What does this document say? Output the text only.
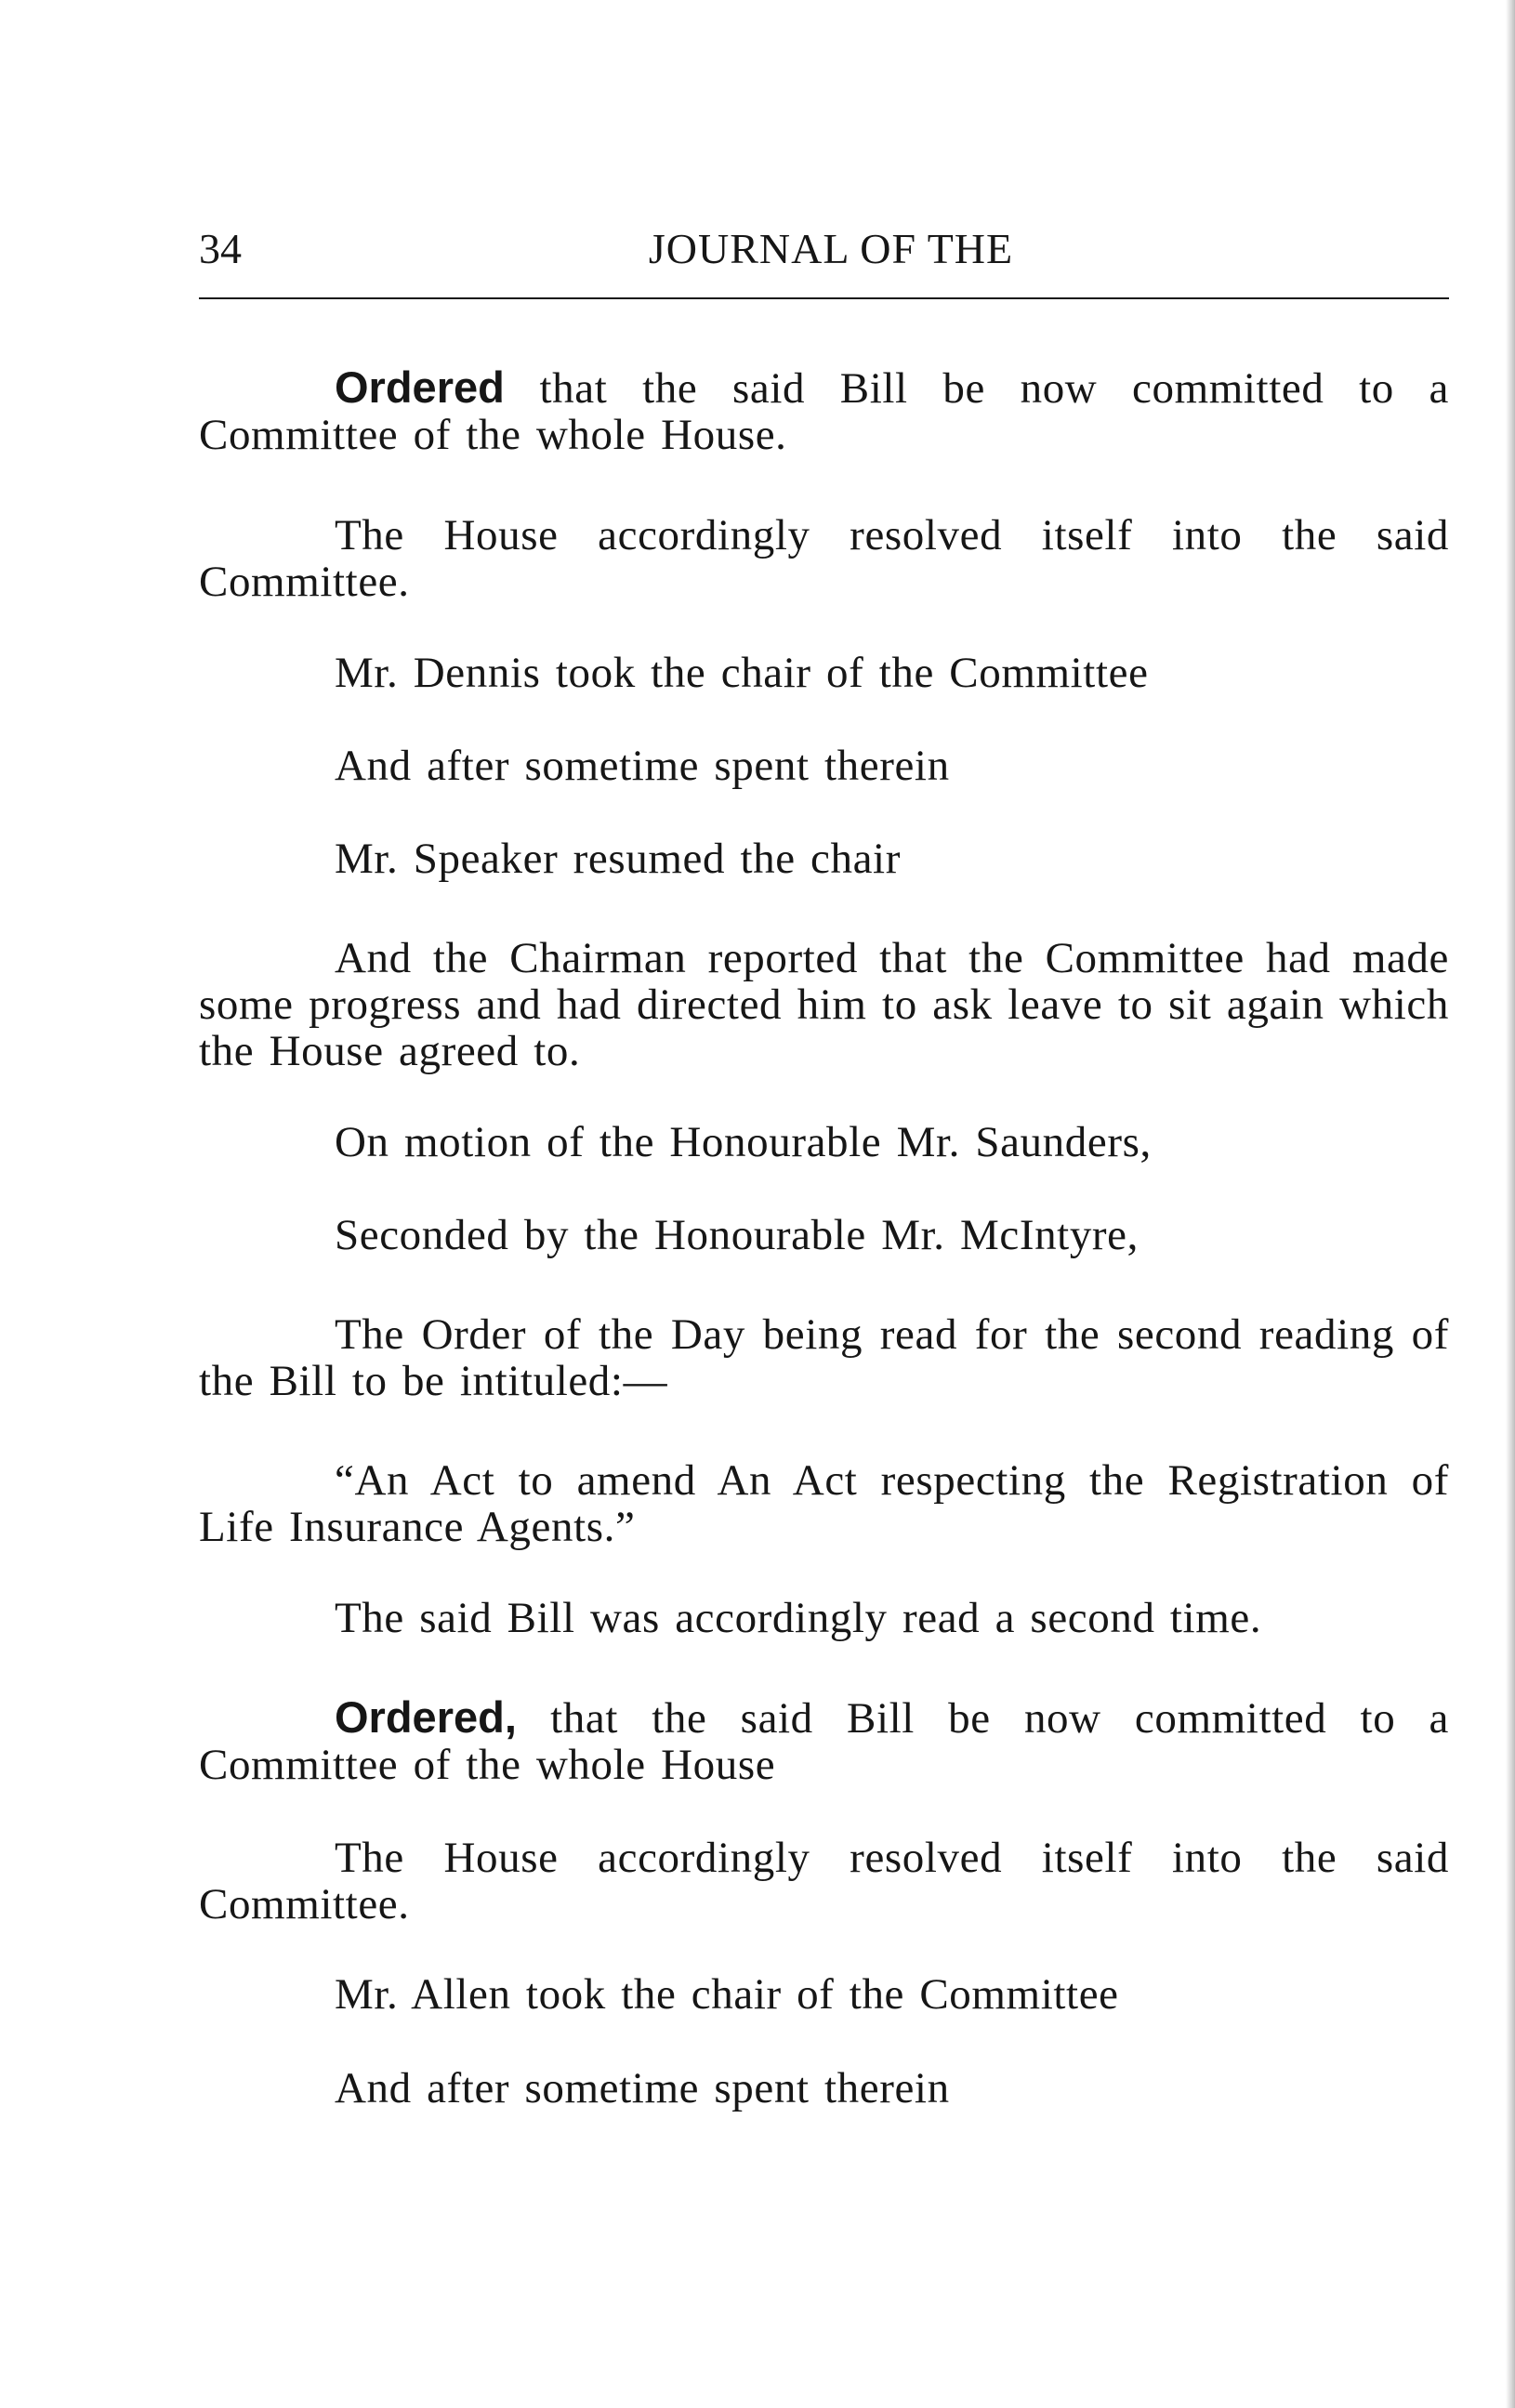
34	JOURNAL OF THE

Ordered that the said Bill be now committed to a Committee of the whole House.

The House accordingly resolved itself into the said Committee.

Mr. Dennis took the chair of the Committee

And after sometime spent therein

Mr. Speaker resumed the chair

And the Chairman reported that the Committee had made some progress and had directed him to ask leave to sit again which the House agreed to.

On motion of the Honourable Mr. Saunders,

Seconded by the Honourable Mr. McIntyre,

The Order of the Day being read for the second reading of the Bill to be intituled:—

“An Act to amend An Act respecting the Registration of Life Insurance Agents.”

The said Bill was accordingly read a second time.

Ordered, that the said Bill be now committed to a Committee of the whole House

The House accordingly resolved itself into the said Committee.

Mr. Allen took the chair of the Committee

And after sometime spent therein
